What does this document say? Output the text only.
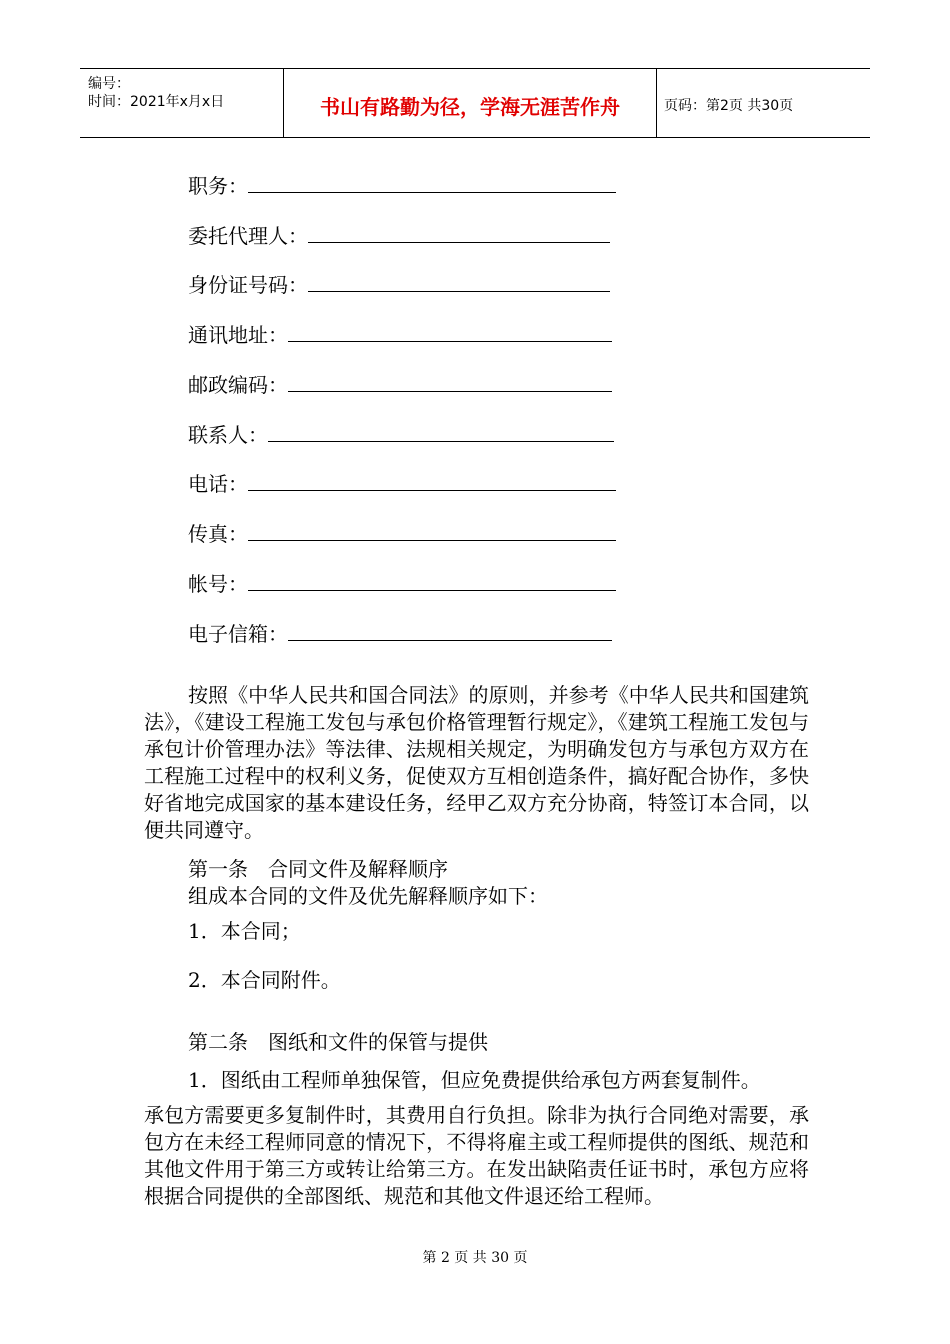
编号：
时间：2021年x月x日	书山有路勤为径，学海无涯苦作舟	页码：第2页 共30页
职务：
委托代理人：
身份证号码：
通讯地址：
邮政编码：
联系人：
电话：
传真：
帐号：
电子信箱：
按照《中华人民共和国合同法》的原则，并参考《中华人民共和国建筑法》，《建设工程施工发包与承包价格管理暂行规定》，《建筑工程施工发包与承包计价管理办法》等法律、法规相关规定，为明确发包方与承包方双方在工程施工过程中的权利义务，促使双方互相创造条件，搞好配合协作，多快好省地完成国家的基本建设任务，经甲乙双方充分协商，特签订本合同，以便共同遵守。
第一条　合同文件及解释顺序
组成本合同的文件及优先解释顺序如下：
1．本合同；
2．本合同附件。
第二条　图纸和文件的保管与提供
1．图纸由工程师单独保管，但应免费提供给承包方两套复制件。
承包方需要更多复制件时，其费用自行负担。除非为执行合同绝对需要，承包方在未经工程师同意的情况下，不得将雇主或工程师提供的图纸、规范和其他文件用于第三方或转让给第三方。在发出缺陷责任证书时，承包方应将根据合同提供的全部图纸、规范和其他文件退还给工程师。
第 2 页 共 30 页
